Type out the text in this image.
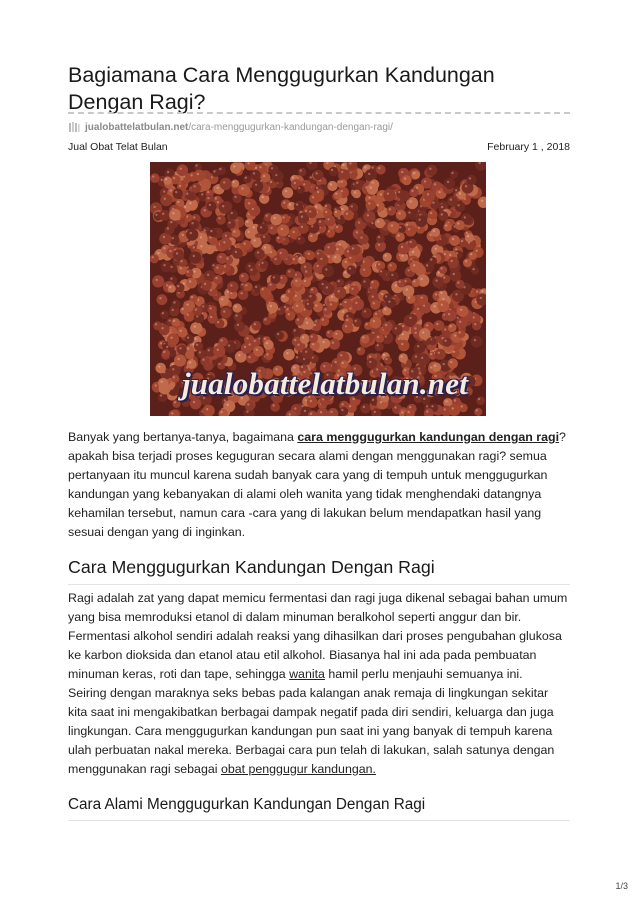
Bagiamana Cara Menggugurkan Kandungan Dengan Ragi?
jualobattelatbulan.net /cara-menggugurkan-kandungan-dengan-ragi/
Jual Obat Telat Bulan	February 1 , 2018
jualobattelatbulan.net

Banyak yang bertanya-tanya, bagaimana cara menggugurkan kandungan dengan ragi? apakah bisa terjadi proses keguguran secara alami dengan menggunakan ragi? semua pertanyaan itu muncul karena sudah banyak cara yang di tempuh untuk menggugurkan kandungan yang kebanyakan di alami oleh wanita yang tidak menghendaki datangnya kehamilan tersebut, namun cara -cara yang di lakukan belum mendapatkan hasil yang sesuai dengan yang di inginkan.

Cara Menggugurkan Kandungan Dengan Ragi

Ragi adalah zat yang dapat memicu fermentasi dan ragi juga dikenal sebagai bahan umum yang bisa memroduksi etanol di dalam minuman beralkohol seperti anggur dan bir. Fermentasi alkohol sendiri adalah reaksi yang dihasilkan dari proses pengubahan glukosa ke karbon dioksida dan etanol atau etil alkohol. Biasanya hal ini ada pada pembuatan minuman keras, roti dan tape, sehingga wanita hamil perlu menjauhi semuanya ini.

Seiring dengan maraknya seks bebas pada kalangan anak remaja di lingkungan sekitar kita saat ini mengakibatkan berbagai dampak negatif pada diri sendiri, keluarga dan juga lingkungan. Cara menggugurkan kandungan pun saat ini yang banyak di tempuh karena ulah perbuatan nakal mereka. Berbagai cara pun telah di lakukan, salah satunya dengan menggunakan ragi sebagai obat penggugur kandungan.

Cara Alami Menggugurkan Kandungan Dengan Ragi
1/3
